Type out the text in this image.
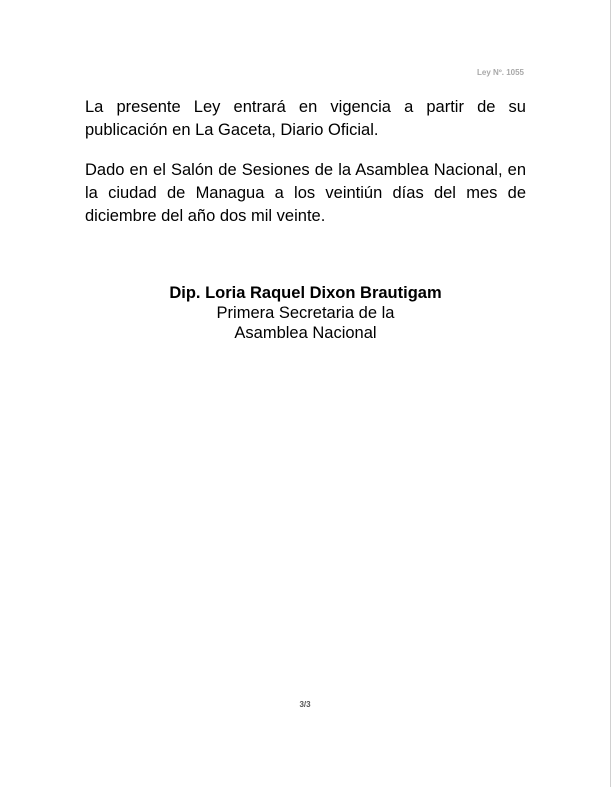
Ley Nº. 1055
La presente Ley entrará en vigencia a partir de su publicación en La Gaceta, Diario Oficial.
Dado en el Salón de Sesiones de la Asamblea Nacional, en la ciudad de Managua a los veintiún días del mes de diciembre del año dos mil veinte.
Dip. Loria Raquel Dixon Brautigam
Primera Secretaria de la
Asamblea Nacional
3/3
